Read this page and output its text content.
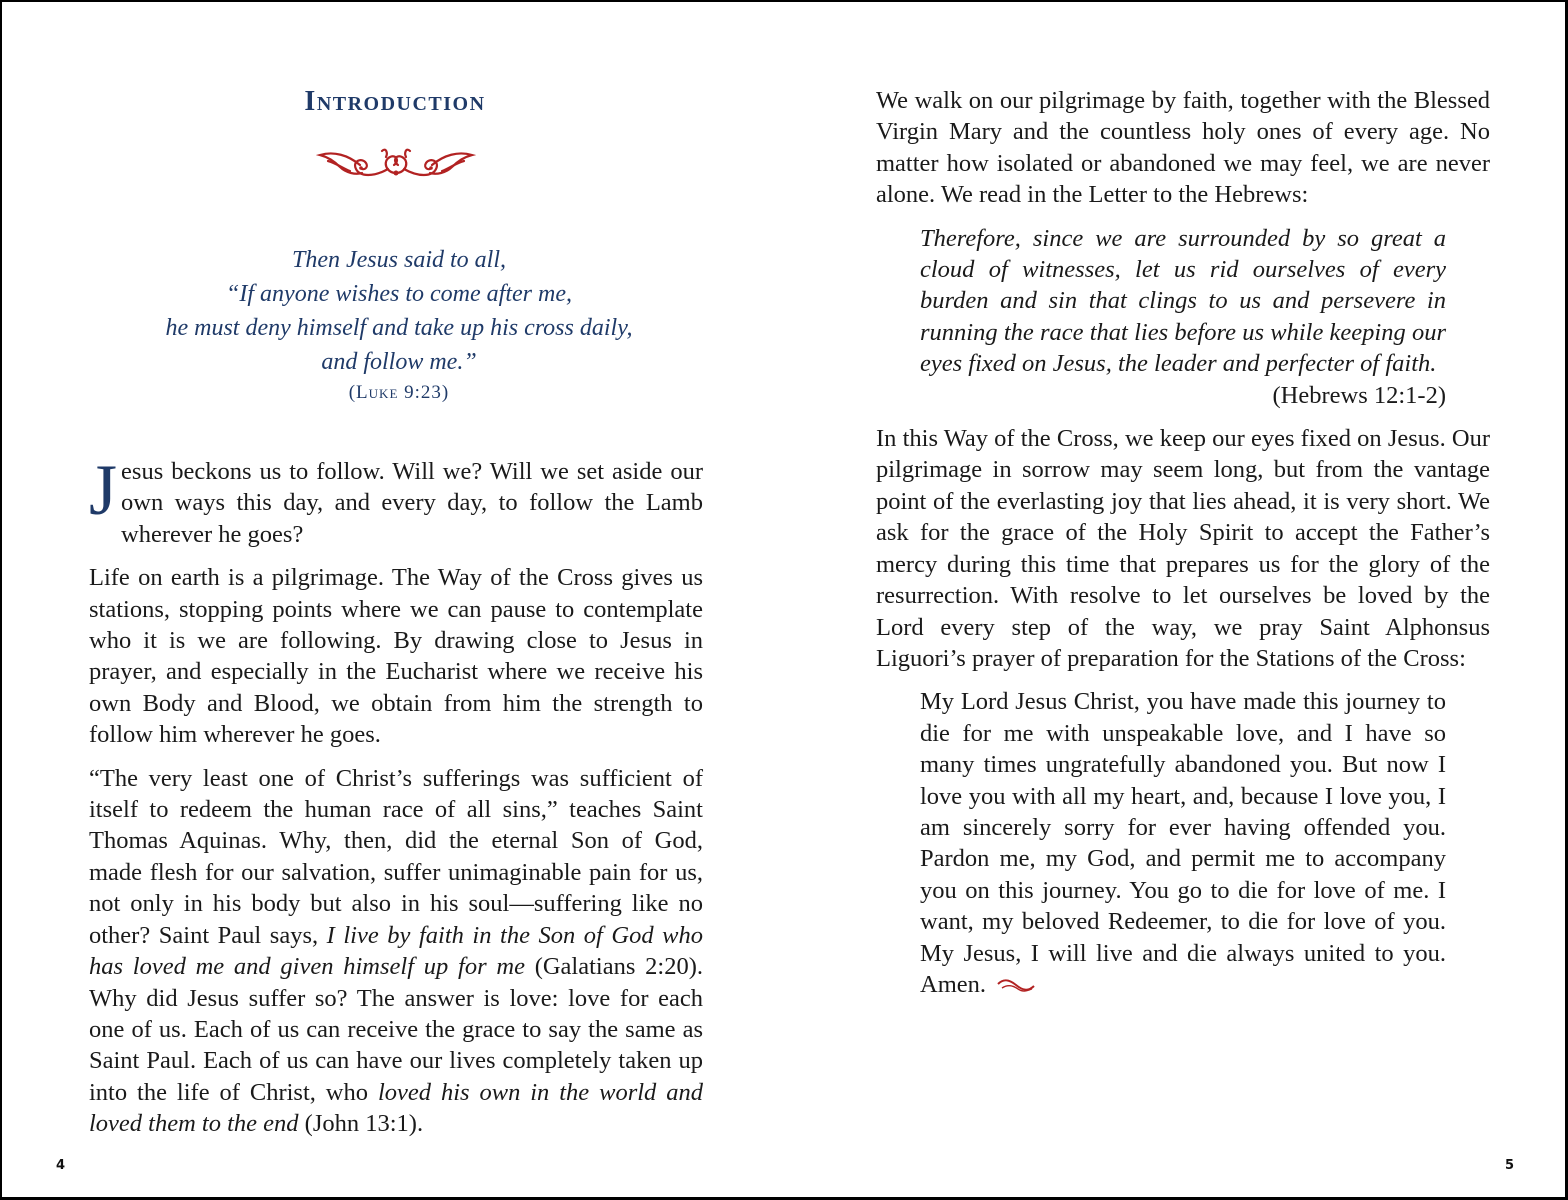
Introduction
Then Jesus said to all,
“If anyone wishes to come after me,
he must deny himself and take up his cross daily,
and follow me.”
(Luke 9:23)

Jesus beckons us to follow. Will we? Will we set aside our own ways this day, and every day, to follow the Lamb wherever he goes?

Life on earth is a pilgrimage. The Way of the Cross gives us stations, stopping points where we can pause to contemplate who it is we are following. By drawing close to Jesus in prayer, and especially in the Eucharist where we receive his own Body and Blood, we obtain from him the strength to follow him wherever he goes.

“The very least one of Christ’s sufferings was sufficient of itself to redeem the human race of all sins,” teaches Saint Thomas Aquinas. Why, then, did the eternal Son of God, made flesh for our salvation, suffer unimaginable pain for us, not only in his body but also in his soul—suffering like no other? Saint Paul says, I live by faith in the Son of God who has loved me and given himself up for me (Galatians 2:20). Why did Jesus suffer so? The answer is love: love for each one of us. Each of us can receive the grace to say the same as Saint Paul. Each of us can have our lives completely taken up into the life of Christ, who loved his own in the world and loved them to the end (John 13:1).

4

We walk on our pilgrimage by faith, together with the Blessed Virgin Mary and the countless holy ones of every age. No matter how isolated or abandoned we may feel, we are never alone. We read in the Letter to the Hebrews:

Therefore, since we are surrounded by so great a cloud of witnesses, let us rid ourselves of every burden and sin that clings to us and persevere in running the race that lies before us while keeping our eyes fixed on Jesus, the leader and perfecter of faith.
(Hebrews 12:1-2)

In this Way of the Cross, we keep our eyes fixed on Jesus. Our pilgrimage in sorrow may seem long, but from the vantage point of the everlasting joy that lies ahead, it is very short. We ask for the grace of the Holy Spirit to accept the Father’s mercy during this time that prepares us for the glory of the resurrection. With resolve to let ourselves be loved by the Lord every step of the way, we pray Saint Alphonsus Liguori’s prayer of preparation for the Stations of the Cross:

My Lord Jesus Christ, you have made this journey to die for me with unspeakable love, and I have so many times ungratefully abandoned you. But now I love you with all my heart, and, because I love you, I am sincerely sorry for ever having offended you. Pardon me, my God, and permit me to accompany you on this journey. You go to die for love of me. I want, my beloved Redeemer, to die for love of you. My Jesus, I will live and die always united to you. Amen.
5
